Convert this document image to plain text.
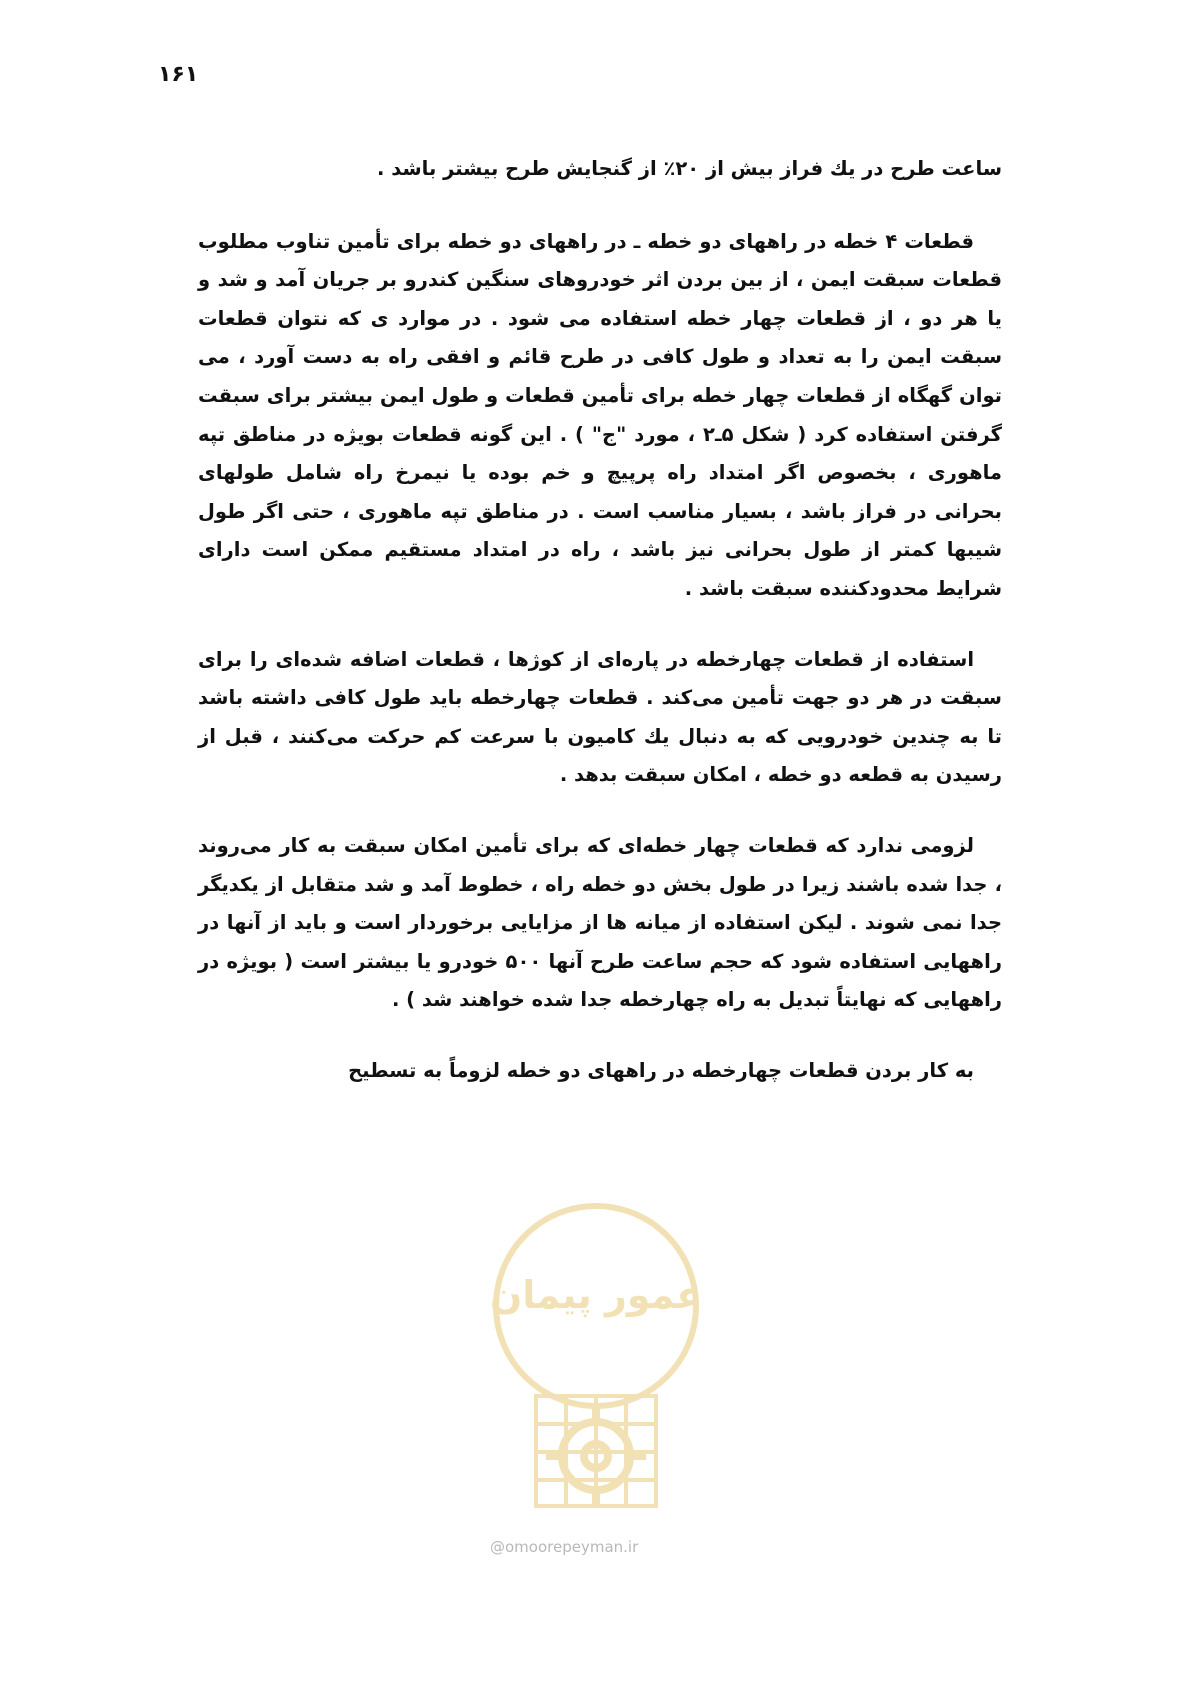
۱۶۱

ساعت طرح در یك فراز بیش از ۲۰٪ از گنجایش طرح بیشتر باشد .

قطعات ۴ خطه در راههای دو خطه ـ در راههای دو خطه برای تأمین تناوب مطلوب قطعات سبقت ایمن ، از بین بردن اثر خودروهای سنگین کندرو بر جریان آمد و شد و یا هر دو ، از قطعات چهار خطه استفاده می شود . در موارد ی که نتوان قطعات سبقت ایمن را به تعداد و طول کافی در طرح قائم و افقی راه به دست آورد ، می توان گهگاه از قطعات چهار خطه برای تأمین قطعات و طول ایمن بیشتر برای سبقت گرفتن استفاده کرد ( شکل ۵ـ۲ ، مورد "ج" ) . این گونه قطعات بویژه در مناطق تپه ماهوری ، بخصوص اگر امتداد راه پرپیچ و خم بوده یا نیمرخ راه شامل طولهای بحرانی در فراز باشد ، بسیار مناسب است . در مناطق تپه ماهوری ، حتی اگر طول شیبها کمتر از طول بحرانی نیز باشد ، راه در امتداد مستقیم ممکن است دارای شرایط محدودکننده سبقت باشد .

استفاده از قطعات چهارخطه در پاره‌ای از کوژها ، قطعات اضافه شده‌ای را برای سبقت در هر دو جهت تأمین می‌کند . قطعات چهارخطه باید طول کافی داشته باشد تا به چندین خودرویی که به دنبال یك کامیون با سرعت کم حرکت می‌کنند ، قبل از رسیدن به قطعه دو خطه ، امکان سبقت بدهد .

لزومی ندارد که قطعات چهار خطه‌ای که برای تأمین امکان سبقت به کار می‌روند ، جدا شده باشند زیرا در طول بخش دو خطه راه ، خطوط آمد و شد متقابل از یکدیگر جدا نمی شوند . لیکن استفاده از میانه ها از مزایایی برخوردار است و باید از آنها در راههایی استفاده شود که حجم ساعت طرح آنها ۵۰۰ خودرو یا بیشتر است ( بویژه در راههایی که نهایتاً تبدیل به راه چهارخطه جدا شده خواهند شد ) .

به کار بردن قطعات چهارخطه در راههای دو خطه لزوماً به تسطیح

عمور پیمان
@omoorepeyman.ir
